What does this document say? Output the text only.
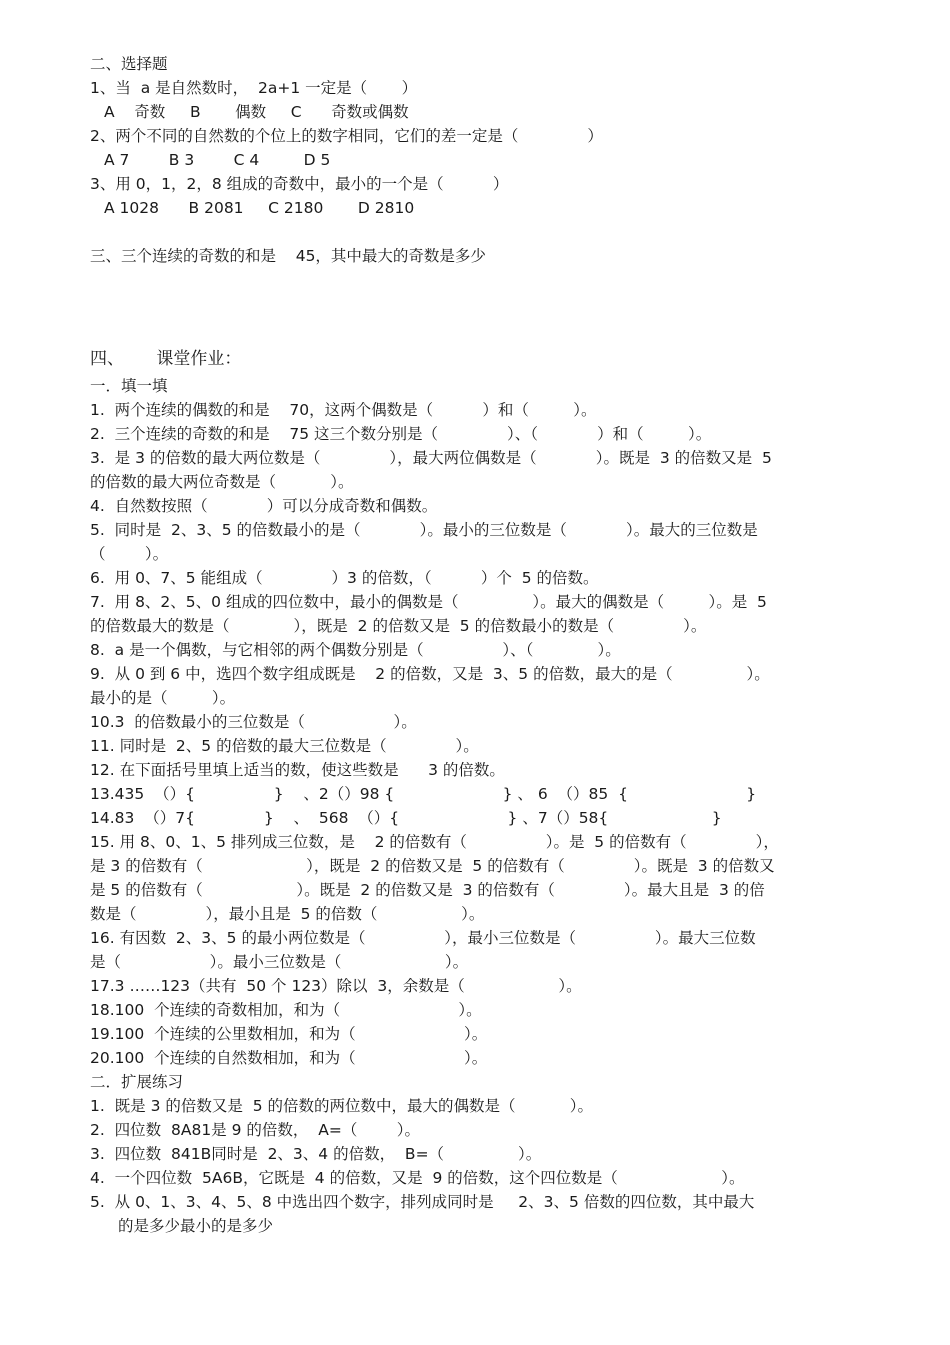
二、选择题
1、当  a 是自然数时，  2a+1 一定是（       ）
A    奇数     B       偶数     C      奇数或偶数
2、两个不同的自然数的个位上的数字相同，它们的差一定是（              ）
A 7        B 3        C 4         D 5
3、用 0，1，2，8 组成的奇数中，最小的一个是（          ）
A 1028      B 2081     C 2180       D 2810
三、三个连续的奇数的和是    45，其中最大的奇数是多少
四、      课堂作业：
一．填一填
1.  两个连续的偶数的和是    70，这两个偶数是（          ）和（         ）。
2.  三个连续的奇数的和是    75 这三个数分别是（              ）、（            ）和（         ）。
3.  是 3 的倍数的最大两位数是（              ），最大两位偶数是（            ）。既是  3 的倍数又是  5
的倍数的最大两位奇数是（           ）。
4.  自然数按照（            ）可以分成奇数和偶数。
5.  同时是  2、3、5 的倍数最小的是（            ）。最小的三位数是（            ）。最大的三位数是
（        ）。
6.  用 0、7、5 能组成（              ）3 的倍数，（          ）个  5 的倍数。
7.  用 8、2、5、0 组成的四位数中，最小的偶数是（               ）。最大的偶数是（         ）。是  5
的倍数最大的数是（             ），既是  2 的倍数又是  5 的倍数最小的数是（              ）。
8.  a 是一个偶数，与它相邻的两个偶数分别是（                ）、（             ）。
9.  从 0 到 6 中，选四个数字组成既是    2 的倍数，又是  3、5 的倍数，最大的是（               ）。
最小的是（         ）。
10.3  的倍数最小的三位数是（                  ）。
11. 同时是  2、5 的倍数的最大三位数是（              ）。
12. 在下面括号里填上适当的数，使这些数是      3 的倍数。
13.435  （）{                }    、2（）98 {                      } 、 6  （）85  {                        }
14.83  （）7{              }    、  568  （）{                      } 、7（）58{                     }
15. 用 8、0、1、5 排列成三位数，是    2 的倍数有（                ）。是  5 的倍数有（              ），
是 3 的倍数有（                     ），既是  2 的倍数又是  5 的倍数有（              ）。既是  3 的倍数又
是 5 的倍数有（                   ）。既是  2 的倍数又是  3 的倍数有（              ）。最大且是  3 的倍
数是（              ），最小且是  5 的倍数（                 ）。
16. 有因数  2、3、5 的最小两位数是（                ），最小三位数是（                ）。最大三位数
是（                  ）。最小三位数是（                     ）。
17.3 ……123（共有  50 个 123）除以  3，余数是（                   ）。
18.100  个连续的奇数相加，和为（                        ）。
19.100  个连续的公里数相加，和为（                      ）。
20.100  个连续的自然数相加，和为（                      ）。
二．扩展练习
1.  既是 3 的倍数又是  5 的倍数的两位数中，最大的偶数是（           ）。
2.  四位数  8A81是 9 的倍数，  A=（        ）。
3.  四位数  841B同时是  2、3、4 的倍数，  B=（               ）。
4.  一个四位数  5A6B，它既是  4 的倍数，又是  9 的倍数，这个四位数是（                     ）。
5.  从 0、1、3、4、5、8 中选出四个数字，排列成同时是     2、3、5 倍数的四位数，其中最大
的是多少最小的是多少
